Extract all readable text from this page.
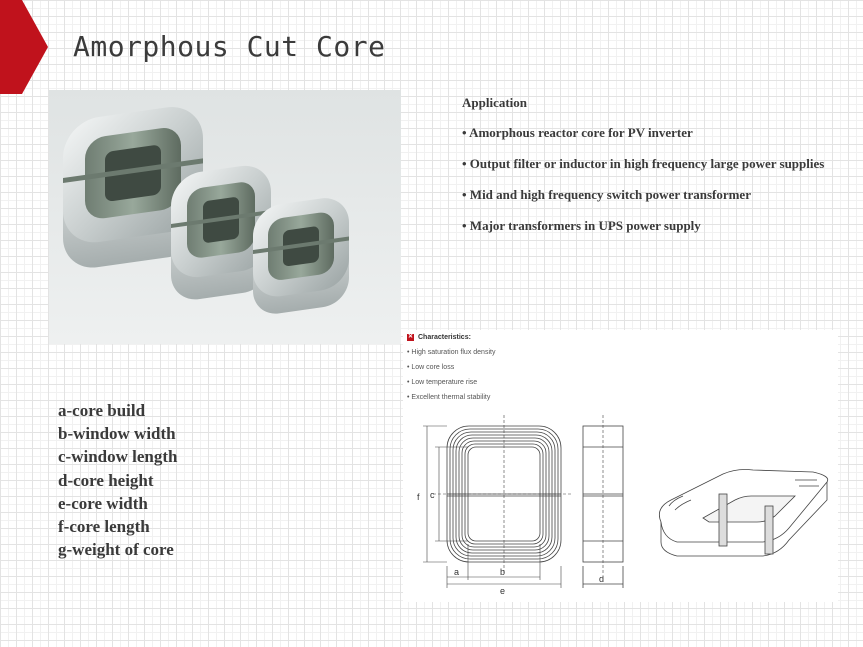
Amorphous Cut Core
Application
• Amorphous reactor core for PV inverter
• Output filter or inductor in high frequency large power supplies
• Mid and high frequency switch power transformer
• Major transformers in UPS power supply
a-core build
b-window width
c-window length
d-core height
e-core width
f-core length
g-weight of core
✕ Characteristics:
• High saturation flux density
• Low core loss
• Low temperature rise
• Excellent thermal stability
f c
a	b
e
d
